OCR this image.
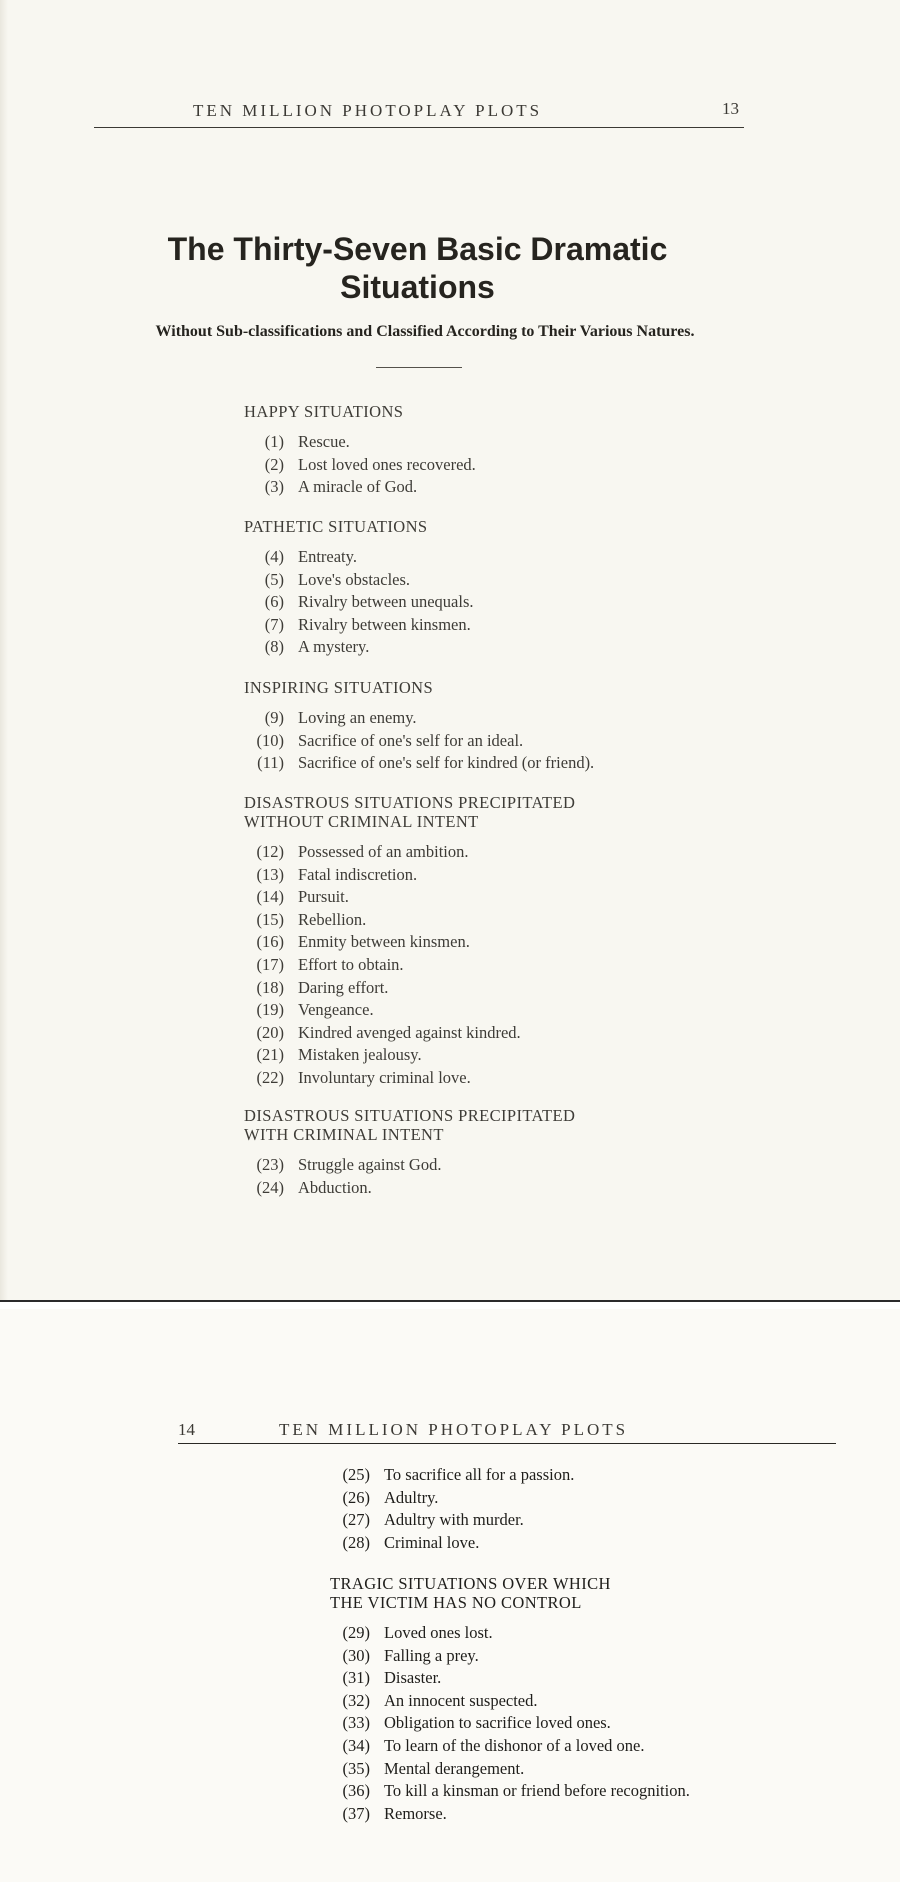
TEN MILLION PHOTOPLAY PLOTS	13
The Thirty-Seven Basic Dramatic
Situations
Without Sub-classifications and Classified According to Their Various Natures.

HAPPY SITUATIONS

(1) Rescue.
(2) Lost loved ones recovered.
(3) A miracle of God.

PATHETIC SITUATIONS

(4) Entreaty.
(5) Love's obstacles.
(6) Rivalry between unequals.
(7) Rivalry between kinsmen.
(8) A mystery.

INSPIRING SITUATIONS

(9) Loving an enemy.
(10) Sacrifice of one's self for an ideal.
(11) Sacrifice of one's self for kindred (or friend).

DISASTROUS SITUATIONS PRECIPITATED

WITHOUT CRIMINAL INTENT

(12) Possessed of an ambition.
(13) Fatal indiscretion.
(14) Pursuit.
(15) Rebellion.
(16) Enmity between kinsmen.
(17) Effort to obtain.
(18) Daring effort.
(19) Vengeance.
(20) Kindred avenged against kindred.
(21) Mistaken jealousy.
(22) Involuntary criminal love.

DISASTROUS SITUATIONS PRECIPITATED

WITH CRIMINAL INTENT

(23) Struggle against God.
(24) Abduction.
14	TEN MILLION PHOTOPLAY PLOTS
(25) To sacrifice all for a passion.
(26) Adultry.
(27) Adultry with murder.
(28) Criminal love.

TRAGIC SITUATIONS OVER WHICH

THE VICTIM HAS NO CONTROL

(29) Loved ones lost.
(30) Falling a prey.
(31) Disaster.
(32) An innocent suspected.
(33) Obligation to sacrifice loved ones.
(34) To learn of the dishonor of a loved one.
(35) Mental derangement.
(36) To kill a kinsman or friend before recognition.
(37) Remorse.
